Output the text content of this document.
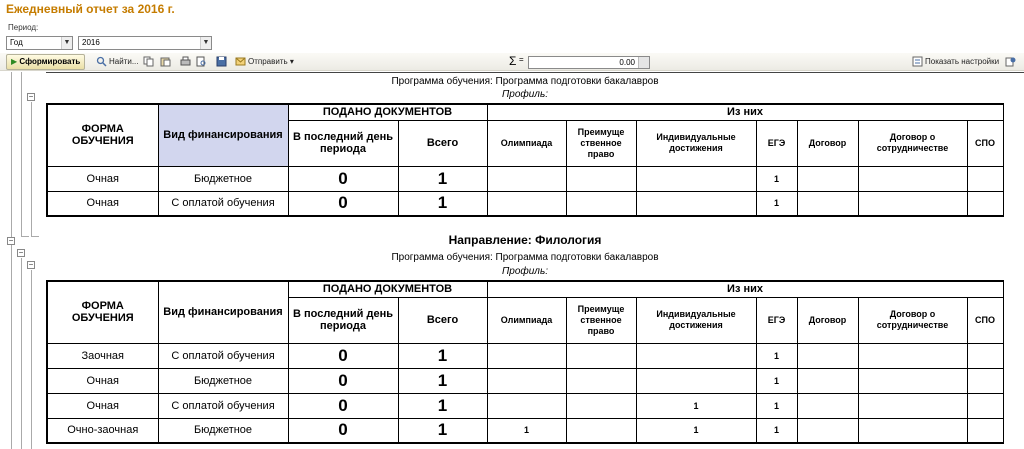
Ежедневный отчет за 2016 г.
Период:
Год	▼	2016	▼
▶ Сформировать	Найти...	Отправить ▾	Показать настройки
Σ =	0.00
−
−
−
−
Программа обучения: Программа подготовки бакалавров
Профиль:
ФОРМА ОБУЧЕНИЯ	Вид финансирования	ПОДАНО ДОКУМЕНТОВ		Из них						
		В последний день периода	Всего	Олимпиада	Преимуще ственное право	Индивидуальные достижения	ЕГЭ	Договор	Договор о сотрудничестве	СПО
Очная	Бюджетное	0	1				1			
Очная	С оплатой обучения	0	1				1			
Направление: Филология
Программа обучения: Программа подготовки бакалавров
Профиль:
ФОРМА ОБУЧЕНИЯ	Вид финансирования	ПОДАНО ДОКУМЕНТОВ		Из них						
		В последний день периода	Всего	Олимпиада	Преимуще ственное право	Индивидуальные достижения	ЕГЭ	Договор	Договор о сотрудничестве	СПО
Заочная	С оплатой обучения	0	1				1			
Очная	Бюджетное	0	1				1			
Очная	С оплатой обучения	0	1			1	1			
Очно-заочная	Бюджетное	0	1	1		1	1			
